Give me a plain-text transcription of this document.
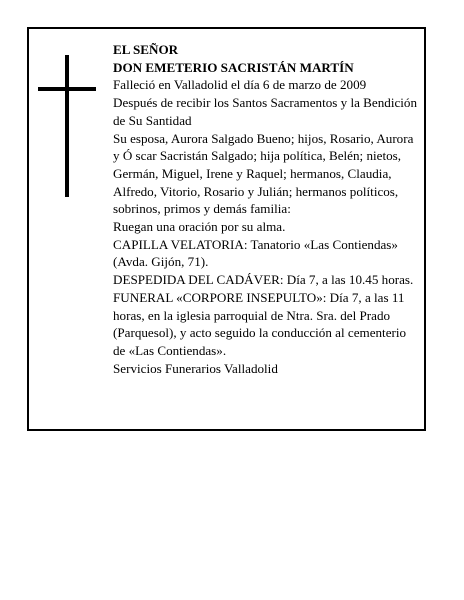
EL SEÑOR

DON EMETERIO SACRISTÁN MARTÍN

Falleció en Valladolid el día 6 de marzo de 2009

Después de recibir los Santos Sacramentos y la Bendición de Su Santidad

Su esposa, Aurora Salgado Bueno; hijos, Rosario, Aurora y Ó scar Sacristán Salgado; hija política, Belén; nietos, Germán, Miguel, Irene y Raquel; hermanos, Claudia, Alfredo, Vitorio, Rosario y Julián; hermanos políticos, sobrinos, primos y demás familia:

Ruegan una oración por su alma.

CAPILLA VELATORIA: Tanatorio «Las Contiendas» (Avda. Gijón, 71).

DESPEDIDA DEL CADÁVER: Día 7, a las 10.45 horas.

FUNERAL «CORPORE INSEPULTO»: Día 7, a las 11 horas, en la iglesia parroquial de Ntra. Sra. del Prado (Parquesol), y acto seguido la conducción al cementerio de «Las Contiendas».

Servicios Funerarios Valladolid
